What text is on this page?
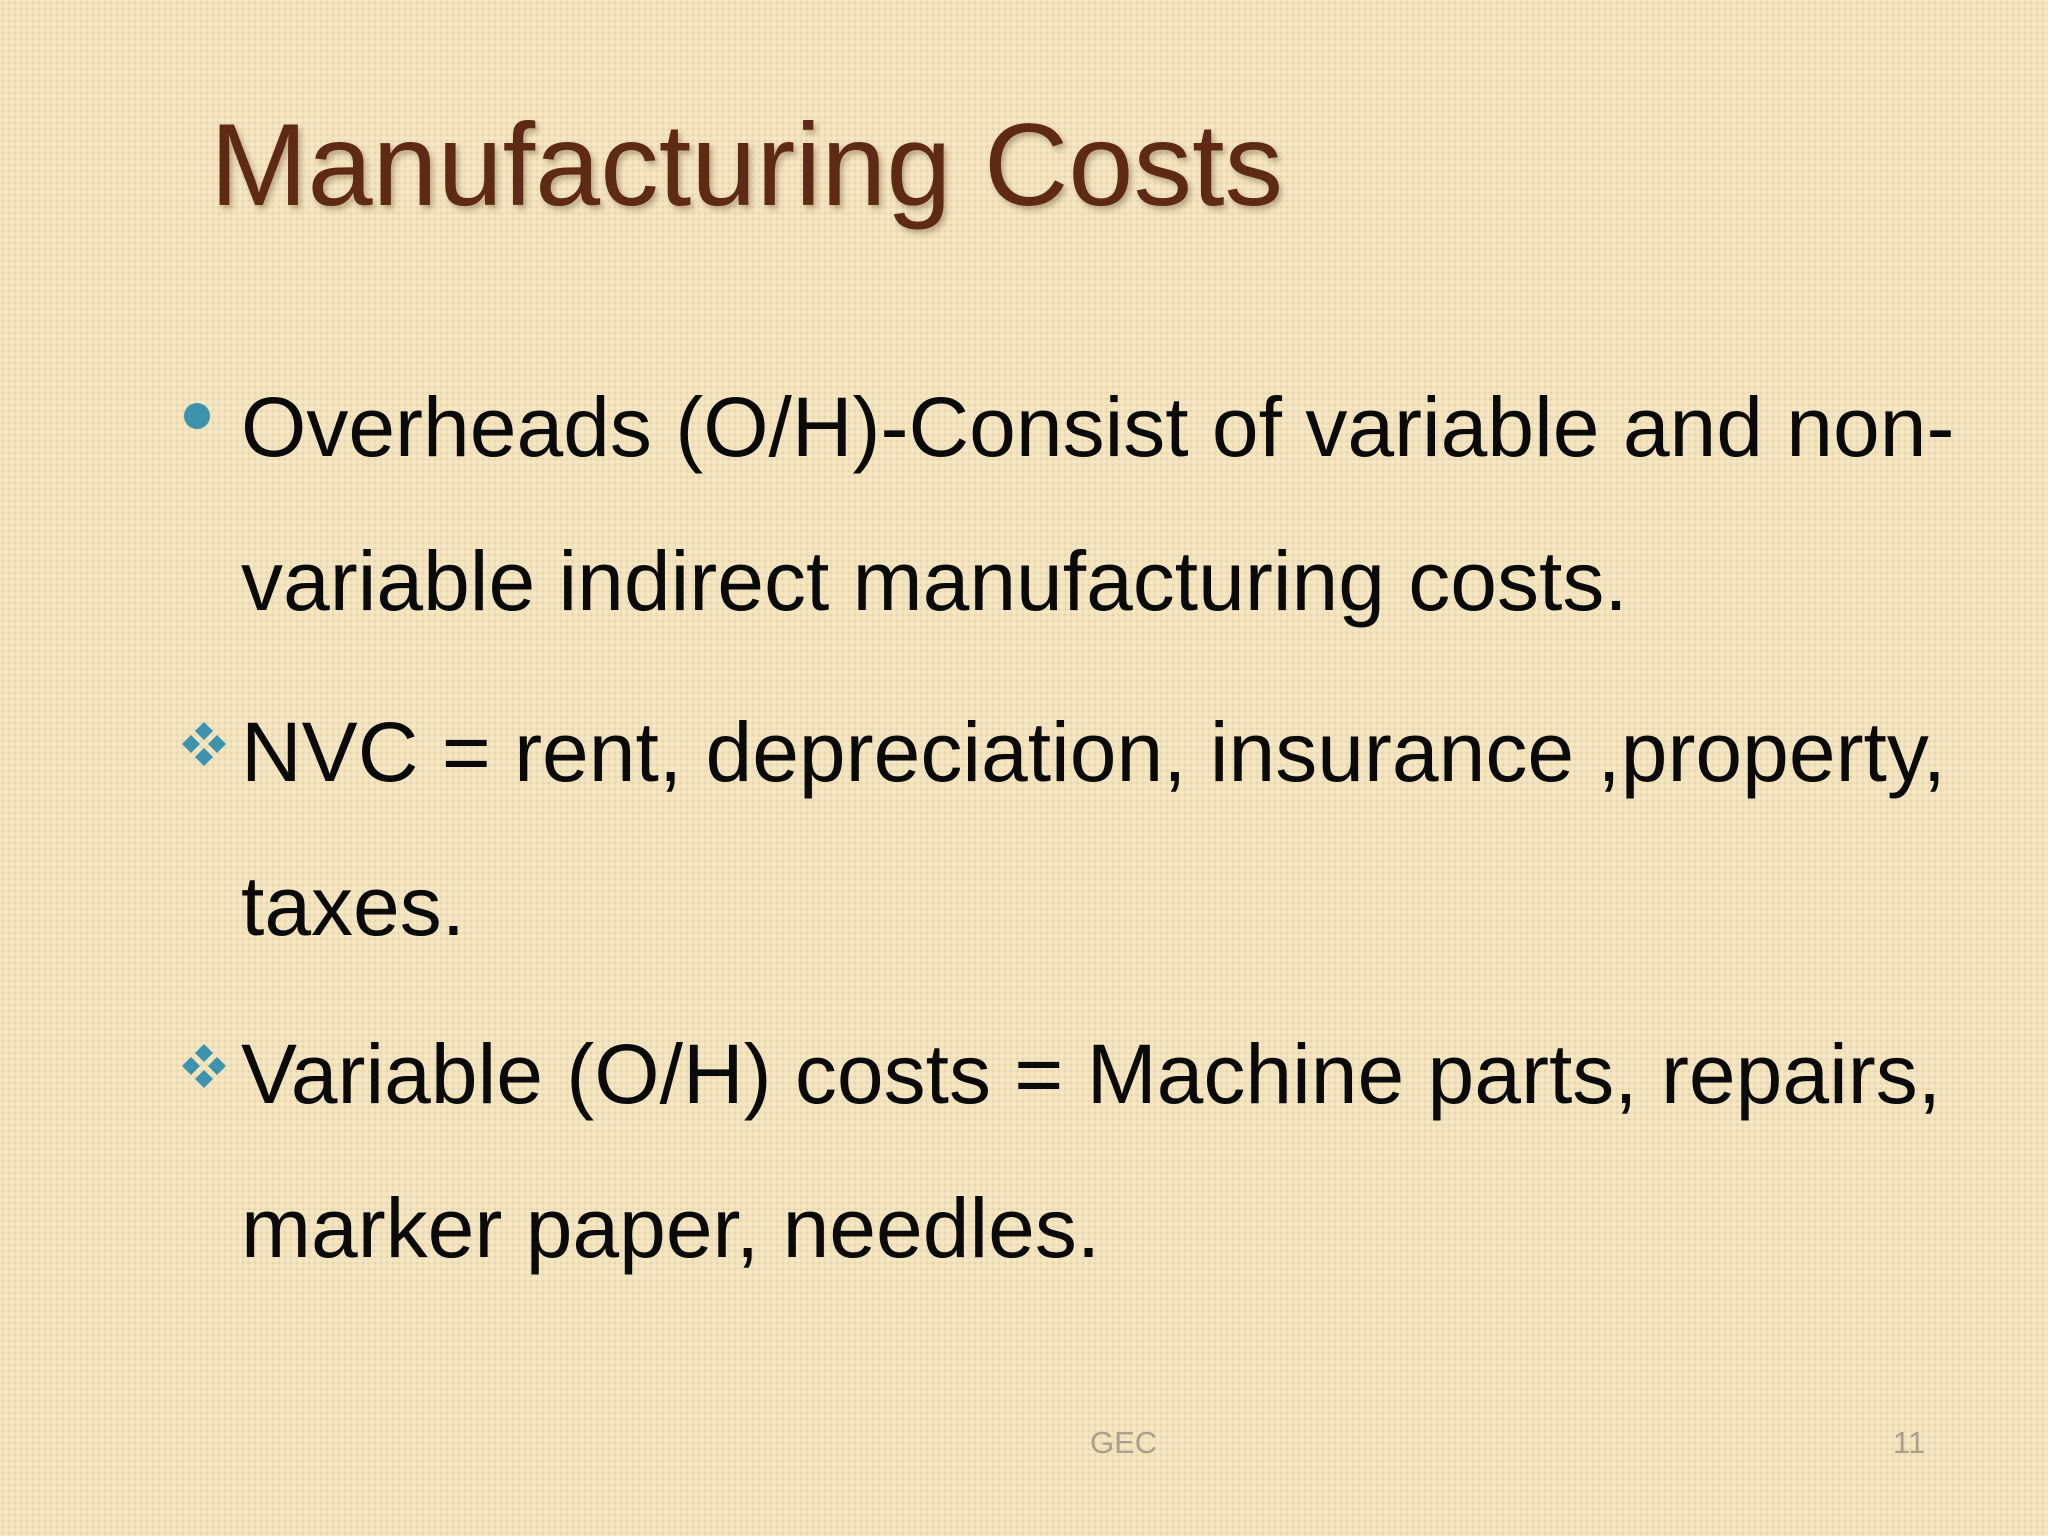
Manufacturing Costs

Overheads (O/H)-Consist of variable and non-variable indirect manufacturing costs.

NVC = rent, depreciation, insurance ,property, taxes.

Variable (O/H) costs = Machine parts, repairs, marker paper, needles.

GEC	11
